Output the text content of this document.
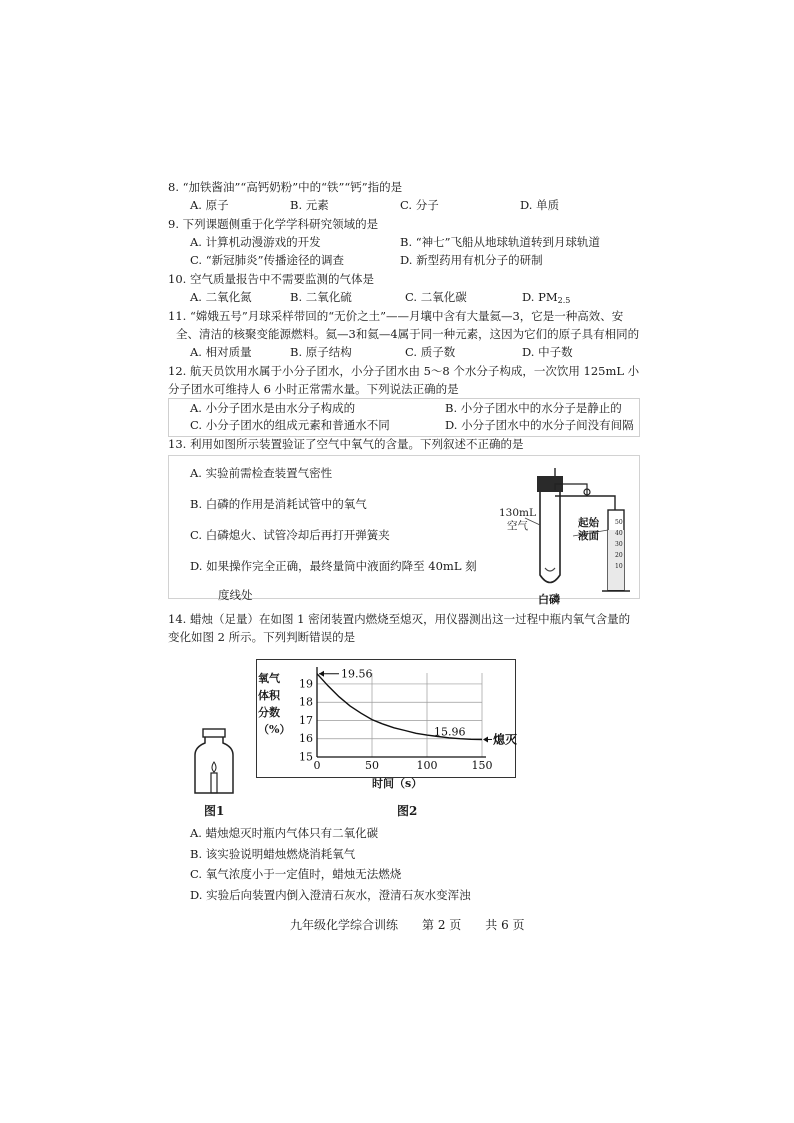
8. “加铁酱油”“高钙奶粉”中的“铁”“钙”指的是
A. 原子	B. 元素	C. 分子	D. 单质
9. 下列课题侧重于化学学科研究领域的是
A. 计算机动漫游戏的开发	B. “神七”飞船从地球轨道转到月球轨道
C. “新冠肺炎”传播途径的调查	D. 新型药用有机分子的研制
10. 空气质量报告中不需要监测的气体是
A. 二氧化氮	B. 二氧化硫	C. 二氧化碳	D. $PM_{2.5}$
11. “嫦娥五号”月球采样带回的“无价之土”——月壤中含有大量氦—3，它是一种高效、安
全、清洁的核聚变能源燃料。氦—3和氦—4属于同一种元素，这因为它们的原子具有相同的
A. 相对质量	B. 原子结构	C. 质子数	D. 中子数
12. 航天员饮用水属于小分子团水，小分子团水由 5～8 个水分子构成，一次饮用 125mL 小
分子团水可维持人 6 小时正常需水量。下列说法正确的是
A. 小分子团水是由水分子构成的	B. 小分子团水中的水分子是静止的
C. 小分子团水的组成元素和普通水不同	D. 小分子团水中的水分子间没有间隔
13. 利用如图所示装置验证了空气中氧气的含量。下列叙述不正确的是
A. 实验前需检查装置气密性
B. 白磷的作用是消耗试管中的氧气
C. 白磷熄火、试管冷却后再打开弹簧夹
D. 如果操作完全正确，最终量筒中液面约降至 40mL 刻
度线处
130mL
空气	起始
液面
白磷
50
40
30
20
10
14. 蜡烛（足量）在如图 1 密闭装置内燃烧至熄灭，用仪器测出这一过程中瓶内氧气含量的
变化如图 2 所示。下列判断错误的是
图1
氧气
体积
分数
（%）
15
16
17
18
19
0	50	100	150
19.56
15.96
熄灭
时间（s）
图2
A. 蜡烛熄灭时瓶内气体只有二氧化碳
B. 该实验说明蜡烛燃烧消耗氧气
C. 氧气浓度小于一定值时，蜡烛无法燃烧
D. 实验后向装置内倒入澄清石灰水，澄清石灰水变浑浊
九年级化学综合训练　　第 2 页　　共 6 页
